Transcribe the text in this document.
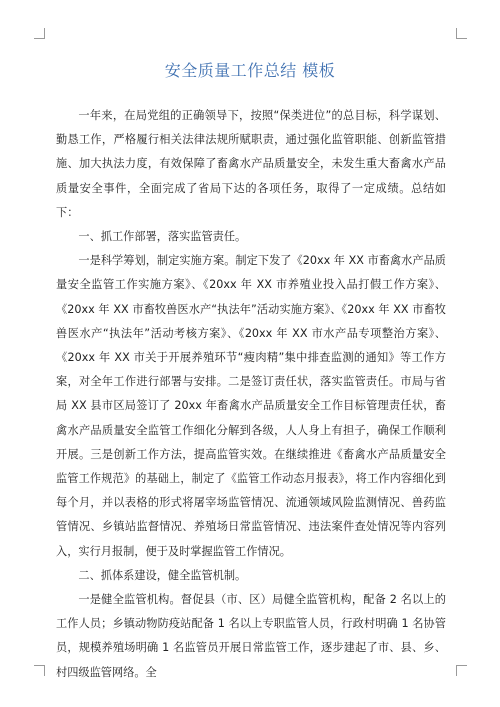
安全质量工作总结 模板

一年来，在局党组的正确领导下，按照“保类进位”的总目标，科学谋划、勤恳工作，严格履行相关法律法规所赋职责，通过强化监管职能、创新监管措施、加大执法力度，有效保障了畜禽水产品质量安全，未发生重大畜禽水产品质量安全事件，全面完成了省局下达的各项任务，取得了一定成绩。总结如下：

一、抓工作部署，落实监管责任。

一是科学筹划，制定实施方案。制定下发了《20xx 年 XX 市畜禽水产品质量安全监管工作实施方案》、《20xx 年 XX 市养殖业投入品打假工作方案》、《20xx 年 XX 市畜牧兽医水产“执法年”活动实施方案》、《20xx 年 XX 市畜牧兽医水产“执法年”活动考核方案》、《20xx 年 XX 市水产品专项整治方案》、《20xx 年 XX 市关于开展养殖环节“瘦肉精”集中排查监测的通知》等工作方案，对全年工作进行部署与安排。二是签订责任状，落实监管责任。市局与省局 XX 县市区局签订了 20xx 年畜禽水产品质量安全工作目标管理责任状，畜禽水产品质量安全监管工作细化分解到各级，人人身上有担子，确保工作顺利开展。三是创新工作方法，提高监管实效。在继续推进《畜禽水产品质量安全监管工作规范》的基础上，制定了《监管工作动态月报表》，将工作内容细化到每个月，并以表格的形式将屠宰场监管情况、流通领域风险监测情况、兽药监管情况、乡镇站监督情况、养殖场日常监管情况、违法案件查处情况等内容列入，实行月报制，便于及时掌握监管工作情况。

二、抓体系建设，健全监管机制。

一是健全监管机构。督促县（市、区）局健全监管机构，配备 2 名以上的工作人员；乡镇动物防疫站配备 1 名以上专职监管人员，行政村明确 1 名协管员，规模养殖场明确 1 名监管员开展日常监管工作，逐步建起了市、县、乡、村四级监管网络。全
